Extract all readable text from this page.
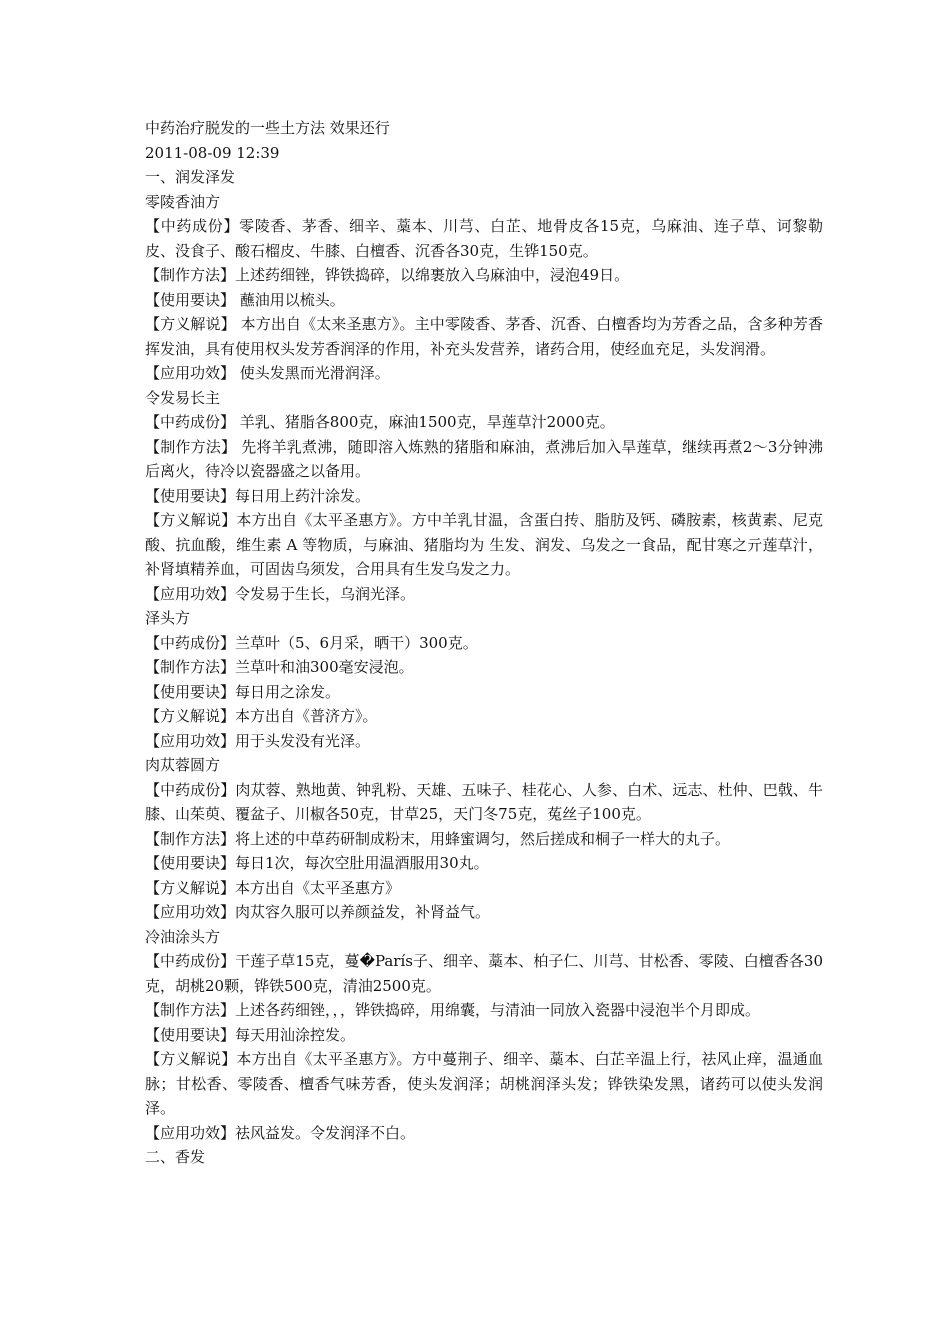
中药治疗脱发的一些土方法 效果还行

2011-08-09 12:39

一、润发泽发

零陵香油方

【中药成份】零陵香、茅香、细辛、藁本、川芎、白芷、地骨皮各15克，乌麻油、连子草、诃黎勒皮、没食子、酸石榴皮、牛膝、白檀香、沉香各30克，生铧150克。

【制作方法】上述药细锉，铧铁捣碎，以绵裹放入乌麻油中，浸泡49日。

【使用要诀】 蘸油用以梳头。

【方义解说】 本方出自《太来圣惠方》。主中零陵香、茅香、沉香、白檀香均为芳香之品，含多种芳香挥发油，具有使用权头发芳香润泽的作用，补充头发营养，诸药合用，使经血充足，头发润滑。

【应用功效】 使头发黑而光滑润泽。

令发易长主

【中药成份】 羊乳、猪脂各800克，麻油1500克，旱莲草汁2000克。

【制作方法】 先将羊乳煮沸，随即溶入炼熟的猪脂和麻油，煮沸后加入旱莲草，继续再煮2～3分钟沸后离火，待冷以瓷器盛之以备用。

【使用要诀】每日用上药汁涂发。

【方义解说】本方出自《太平圣惠方》。方中羊乳甘温，含蛋白抟、脂肪及钙、磷胺素，核黄素、尼克酸、抗血酸，维生素 A 等物质，与麻油、猪脂均为 生发、润发、乌发之一食品，配甘寒之亓莲草汁，补肾填精养血，可固齿乌须发，合用具有生发乌发之力。

【应用功效】令发易于生长，乌润光泽。

泽头方

【中药成份】兰草叶（5、6月采，晒干）300克。

【制作方法】兰草叶和油300毫安浸泡。

【使用要诀】每日用之涂发。

【方义解说】本方出自《普济方》。

【应用功效】用于头发没有光泽。

肉苁蓉圆方

【中药成份】肉苁蓉、熟地黄、钟乳粉、天雄、五味子、桂花心、人参、白术、远志、杜仲、巴戟、牛膝、山茱萸、覆盆子、川椒各50克，甘草25，天门冬75克，菟丝子100克。

【制作方法】将上述的中草药研制成粉末，用蜂蜜调匀，然后搓成和桐子一样大的丸子。

【使用要诀】每日1次，每次空肚用温酒服用30丸。

【方义解说】本方出自《太平圣惠方》

【应用功效】肉苁容久服可以养颜益发，补肾益气。

冷油涂头方

【中药成份】干莲子草15克，蔓�París子、细辛、藁本、柏子仁、川芎、甘松香、零陵、白檀香各30克，胡桃20颗，铧铁500克，清油2500克。

【制作方法】上述各药细锉，，，铧铁捣碎，用绵囊，与清油一同放入瓷器中浸泡半个月即成。

【使用要诀】每天用汕涂控发。

【方义解说】本方出自《太平圣惠方》。方中蔓荆子、细辛、藁本、白芷辛温上行，祛风止痒，温通血脉；甘松香、零陵香、檀香气味芳香，使头发润泽；胡桃润泽头发；铧铁染发黑，诸药可以使头发润泽。

【应用功效】祛风益发。令发润泽不白。

二、香发
